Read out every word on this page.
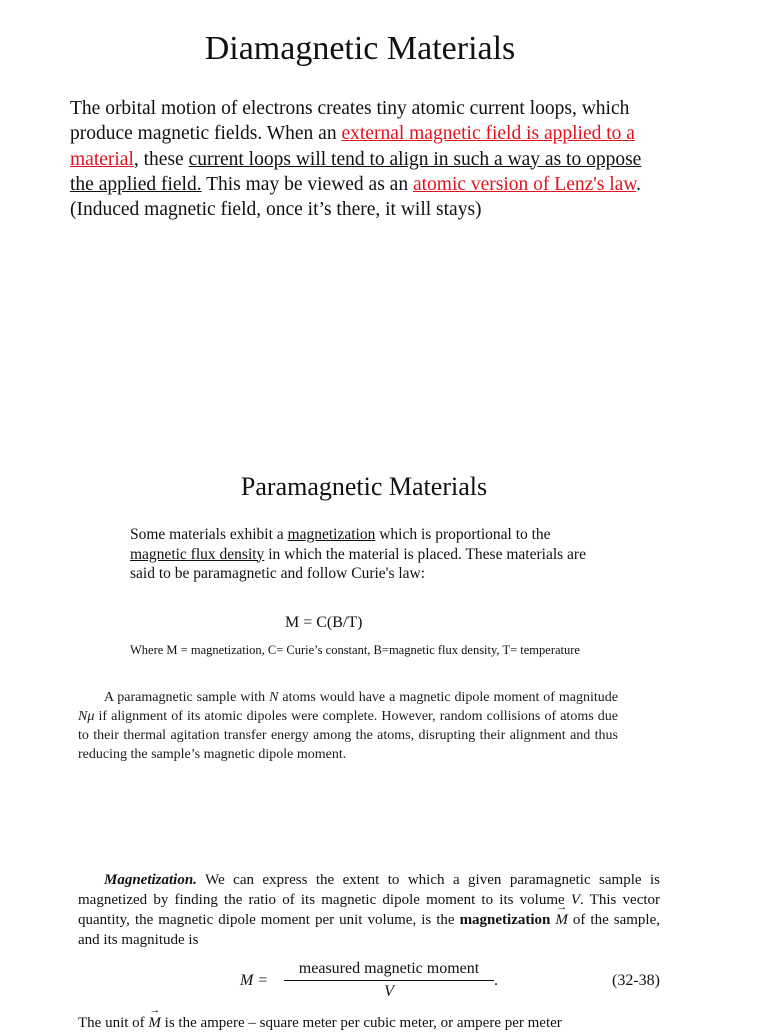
Diamagnetic Materials
The orbital motion of electrons creates tiny atomic current loops, which produce magnetic fields. When an external magnetic field is applied to a material, these current loops will tend to align in such a way as to oppose the applied field. This may be viewed as an atomic version of Lenz's law. (Induced magnetic field, once it’s there, it will stays)
Paramagnetic Materials
Some materials exhibit a magnetization which is proportional to the magnetic flux density in which the material is placed. These materials are said to be paramagnetic and follow Curie's law:
M = C(B/T)
Where M = magnetization, C= Curie’s constant, B=magnetic flux density, T= temperature
A paramagnetic sample with N atoms would have a magnetic dipole moment of magnitude Nμ if alignment of its atomic dipoles were complete. However, random collisions of atoms due to their thermal agitation transfer energy among the atoms, disrupting their alignment and thus reducing the sample’s magnetic dipole moment.
Magnetization. We can express the extent to which a given paramagnetic sample is magnetized by finding the ratio of its magnetic dipole moment to its volume V. This vector quantity, the magnetic dipole moment per unit volume, is the magnetization → M of the sample, and its magnitude is
M =
measured magnetic moment
V
.	(32-38)
The unit of → M is the ampere – square meter per cubic meter, or ampere per meter
